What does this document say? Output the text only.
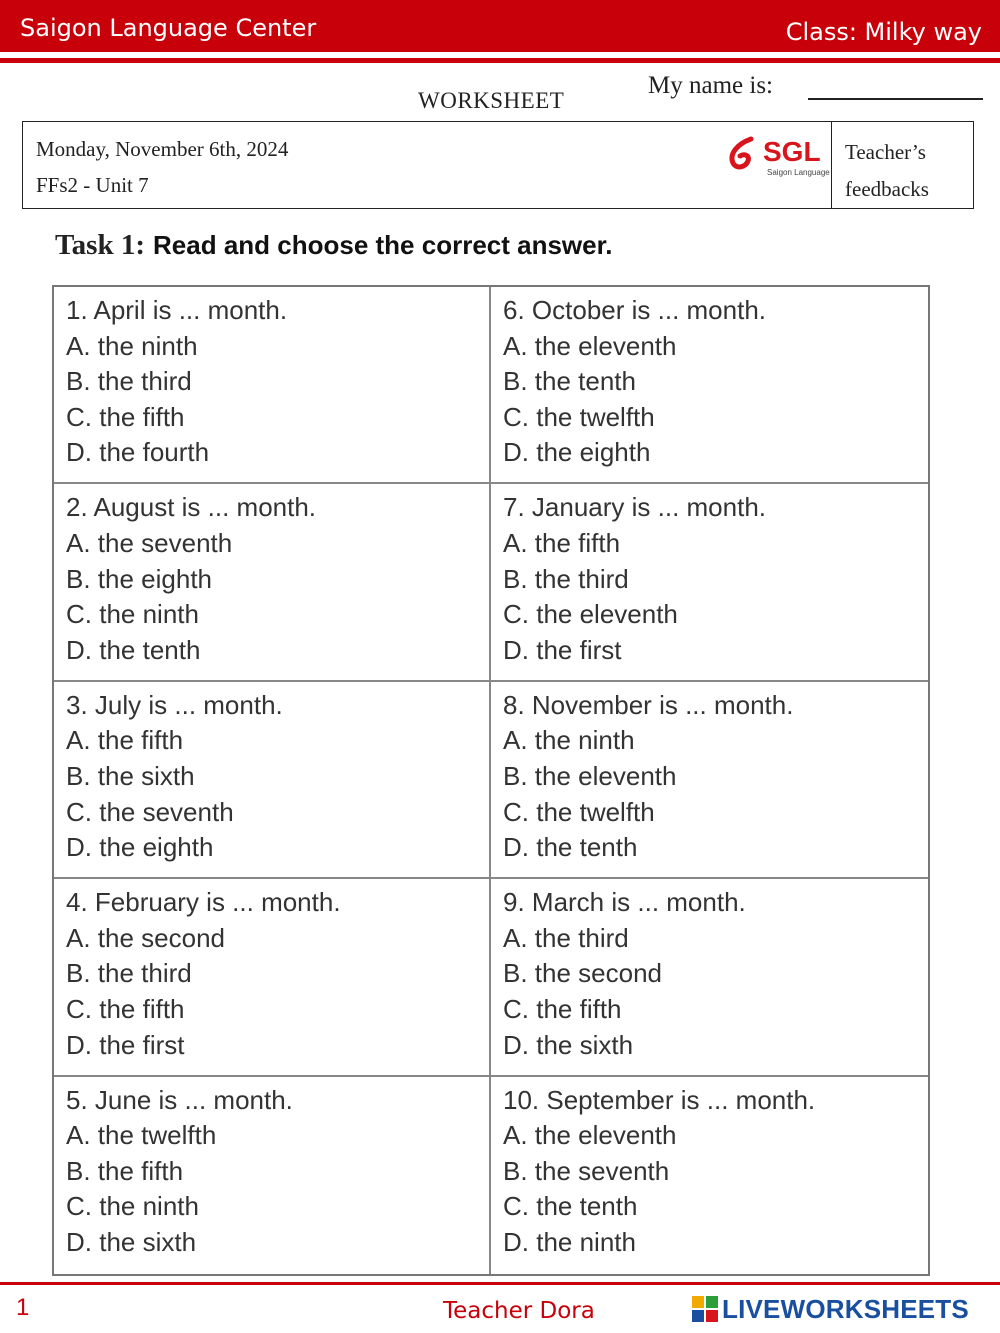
Saigon Language Center	Class: Milky way
WORKSHEET
My name is:
Monday, November 6th, 2024
FFs2 - Unit 7
SGL
Saigon Language
Teacher’s
feedbacks
Task 1: Read and choose the correct answer.
1. April is ... month.
A. the ninth
B. the third
C. the fifth
D. the fourth
6. October is ... month.
A. the eleventh
B. the tenth
C. the twelfth
D. the eighth
2. August is ... month.
A. the seventh
B. the eighth
C. the ninth
D. the tenth
7. January is ... month.
A. the fifth
B. the third
C. the eleventh
D. the first
3. July is ... month.
A. the fifth
B. the sixth
C. the seventh
D. the eighth
8. November is ... month.
A. the ninth
B. the eleventh
C. the twelfth
D. the tenth
4. February is ... month.
A. the second
B. the third
C. the fifth
D. the first
9. March is ... month.
A. the third
B. the second
C. the fifth
D. the sixth
5. June is ... month.
A. the twelfth
B. the fifth
C. the ninth
D. the sixth
10. September is ... month.
A. the eleventh
B. the seventh
C. the tenth
D. the ninth
1	Teacher Dora	LIVEWORKSHEETS
